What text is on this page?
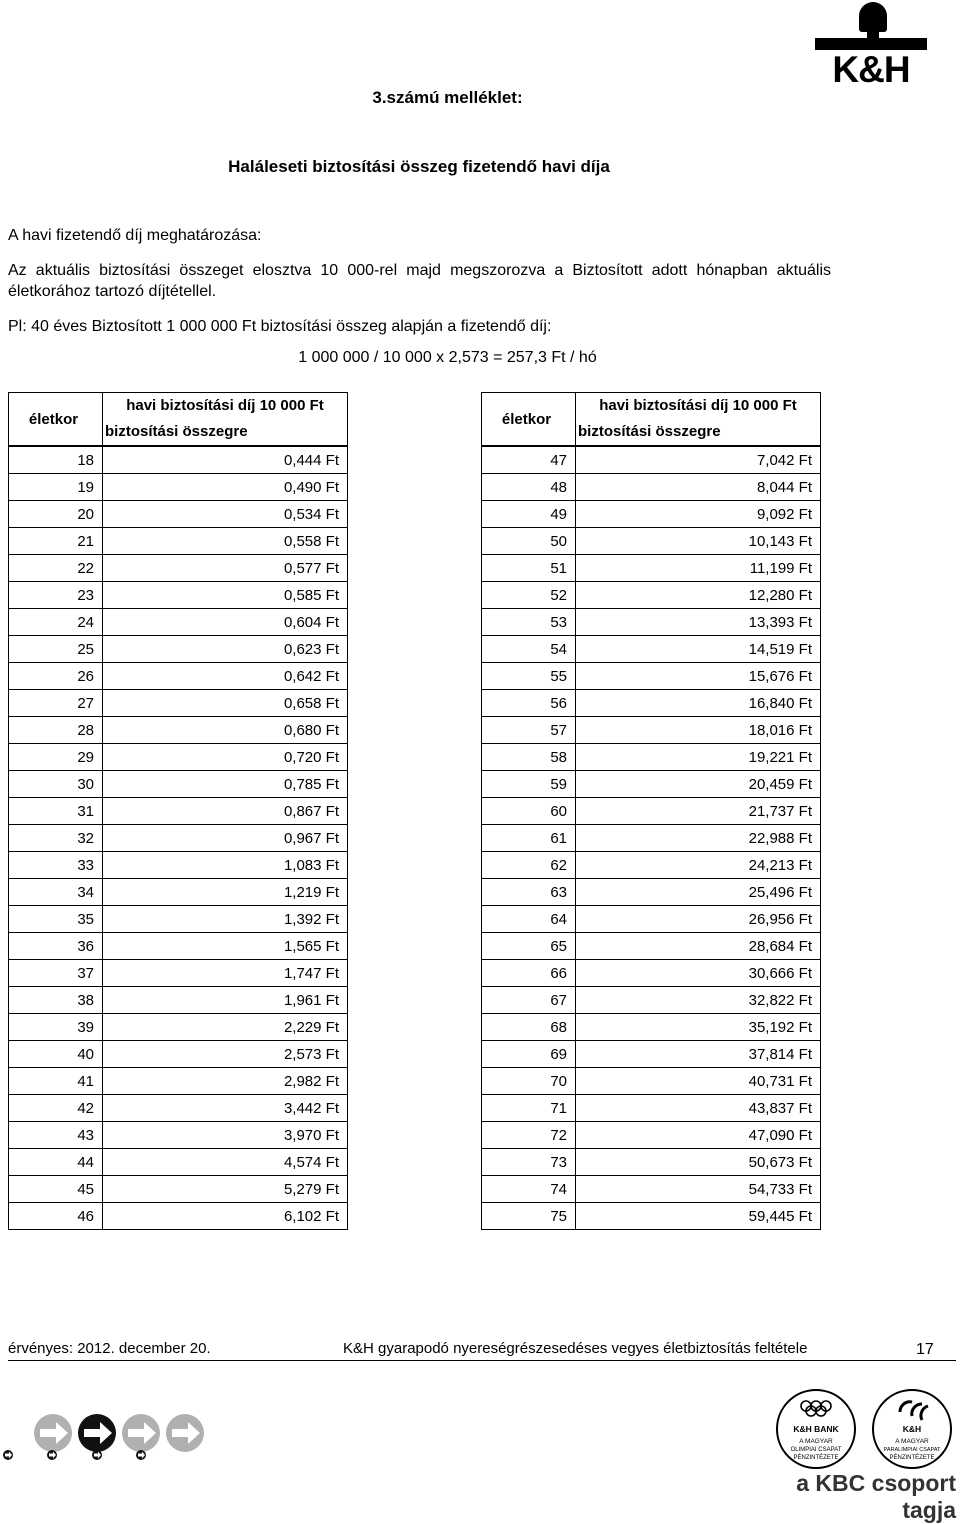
K&H
3.számú melléklet:
Haláleseti biztosítási összeg fizetendő havi díja
A havi fizetendő díj meghatározása:
Az aktuális biztosítási összeget elosztva 10 000-rel majd megszorozva a Biztosított adott hónapban aktuális életkorához tartozó díjtétellel.
Pl: 40 éves Biztosított 1 000 000 Ft biztosítási összeg alapján a fizetendő díj:
1 000 000 / 10 000 x 2,573 = 257,3 Ft / hó
életkor	havi biztosítási díj 10 000 Ft
biztosítási összegre
18	0,444 Ft
19	0,490 Ft
20	0,534 Ft
21	0,558 Ft
22	0,577 Ft
23	0,585 Ft
24	0,604 Ft
25	0,623 Ft
26	0,642 Ft
27	0,658 Ft
28	0,680 Ft
29	0,720 Ft
30	0,785 Ft
31	0,867 Ft
32	0,967 Ft
33	1,083 Ft
34	1,219 Ft
35	1,392 Ft
36	1,565 Ft
37	1,747 Ft
38	1,961 Ft
39	2,229 Ft
40	2,573 Ft
41	2,982 Ft
42	3,442 Ft
43	3,970 Ft
44	4,574 Ft
45	5,279 Ft
46	6,102 Ft
életkor	havi biztosítási díj 10 000 Ft
biztosítási összegre
47	7,042 Ft
48	8,044 Ft
49	9,092 Ft
50	10,143 Ft
51	11,199 Ft
52	12,280 Ft
53	13,393 Ft
54	14,519 Ft
55	15,676 Ft
56	16,840 Ft
57	18,016 Ft
58	19,221 Ft
59	20,459 Ft
60	21,737 Ft
61	22,988 Ft
62	24,213 Ft
63	25,496 Ft
64	26,956 Ft
65	28,684 Ft
66	30,666 Ft
67	32,822 Ft
68	35,192 Ft
69	37,814 Ft
70	40,731 Ft
71	43,837 Ft
72	47,090 Ft
73	50,673 Ft
74	54,733 Ft
75	59,445 Ft
érvényes: 2012. december 20.	K&H gyarapodó nyereségrészesedéses vegyes életbiztosítás feltétele	17
K&H BANK
A MAGYAR
OLIMPIAI CSAPAT
PÉNZINTÉZETE
K&H
A MAGYAR
PARALIMPIAI CSAPAT
PÉNZINTÉZETE
a KBC csoport tagja
